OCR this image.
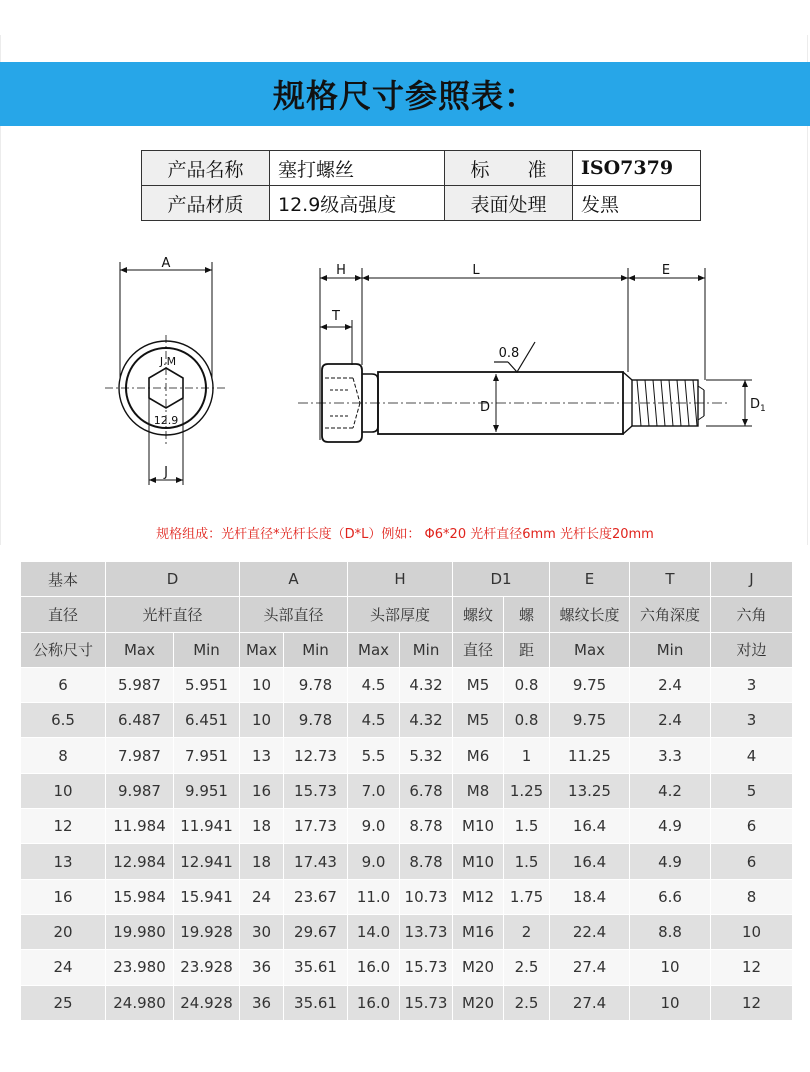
规格尺寸参照表：
产品名称	塞打螺丝	标　　准	ISO7379
产品材质	12.9级高强度	表面处理	发黑
A
J.M
12.9
J
H	L	E
T
D
0.8
$D_1$
规格组成：光杆直径*光杆长度（D*L）例如： Φ6*20 光杆直径6mm 光杆长度20mm
基本	D		A		H		D1		E	T	J
直径	光杆直径		头部直径		头部厚度		螺纹	螺	螺纹长度	六角深度	六角
公称尺寸	Max	Min	Max	Min	Max	Min	直径	距	Max	Min	对边
6	5.987	5.951	10	9.78	4.5	4.32	M5	0.8	9.75	2.4	3
6.5	6.487	6.451	10	9.78	4.5	4.32	M5	0.8	9.75	2.4	3
8	7.987	7.951	13	12.73	5.5	5.32	M6	1	11.25	3.3	4
10	9.987	9.951	16	15.73	7.0	6.78	M8	1.25	13.25	4.2	5
12	11.984	11.941	18	17.73	9.0	8.78	M10	1.5	16.4	4.9	6
13	12.984	12.941	18	17.43	9.0	8.78	M10	1.5	16.4	4.9	6
16	15.984	15.941	24	23.67	11.0	10.73	M12	1.75	18.4	6.6	8
20	19.980	19.928	30	29.67	14.0	13.73	M16	2	22.4	8.8	10
24	23.980	23.928	36	35.61	16.0	15.73	M20	2.5	27.4	10	12
25	24.980	24.928	36	35.61	16.0	15.73	M20	2.5	27.4	10	12
